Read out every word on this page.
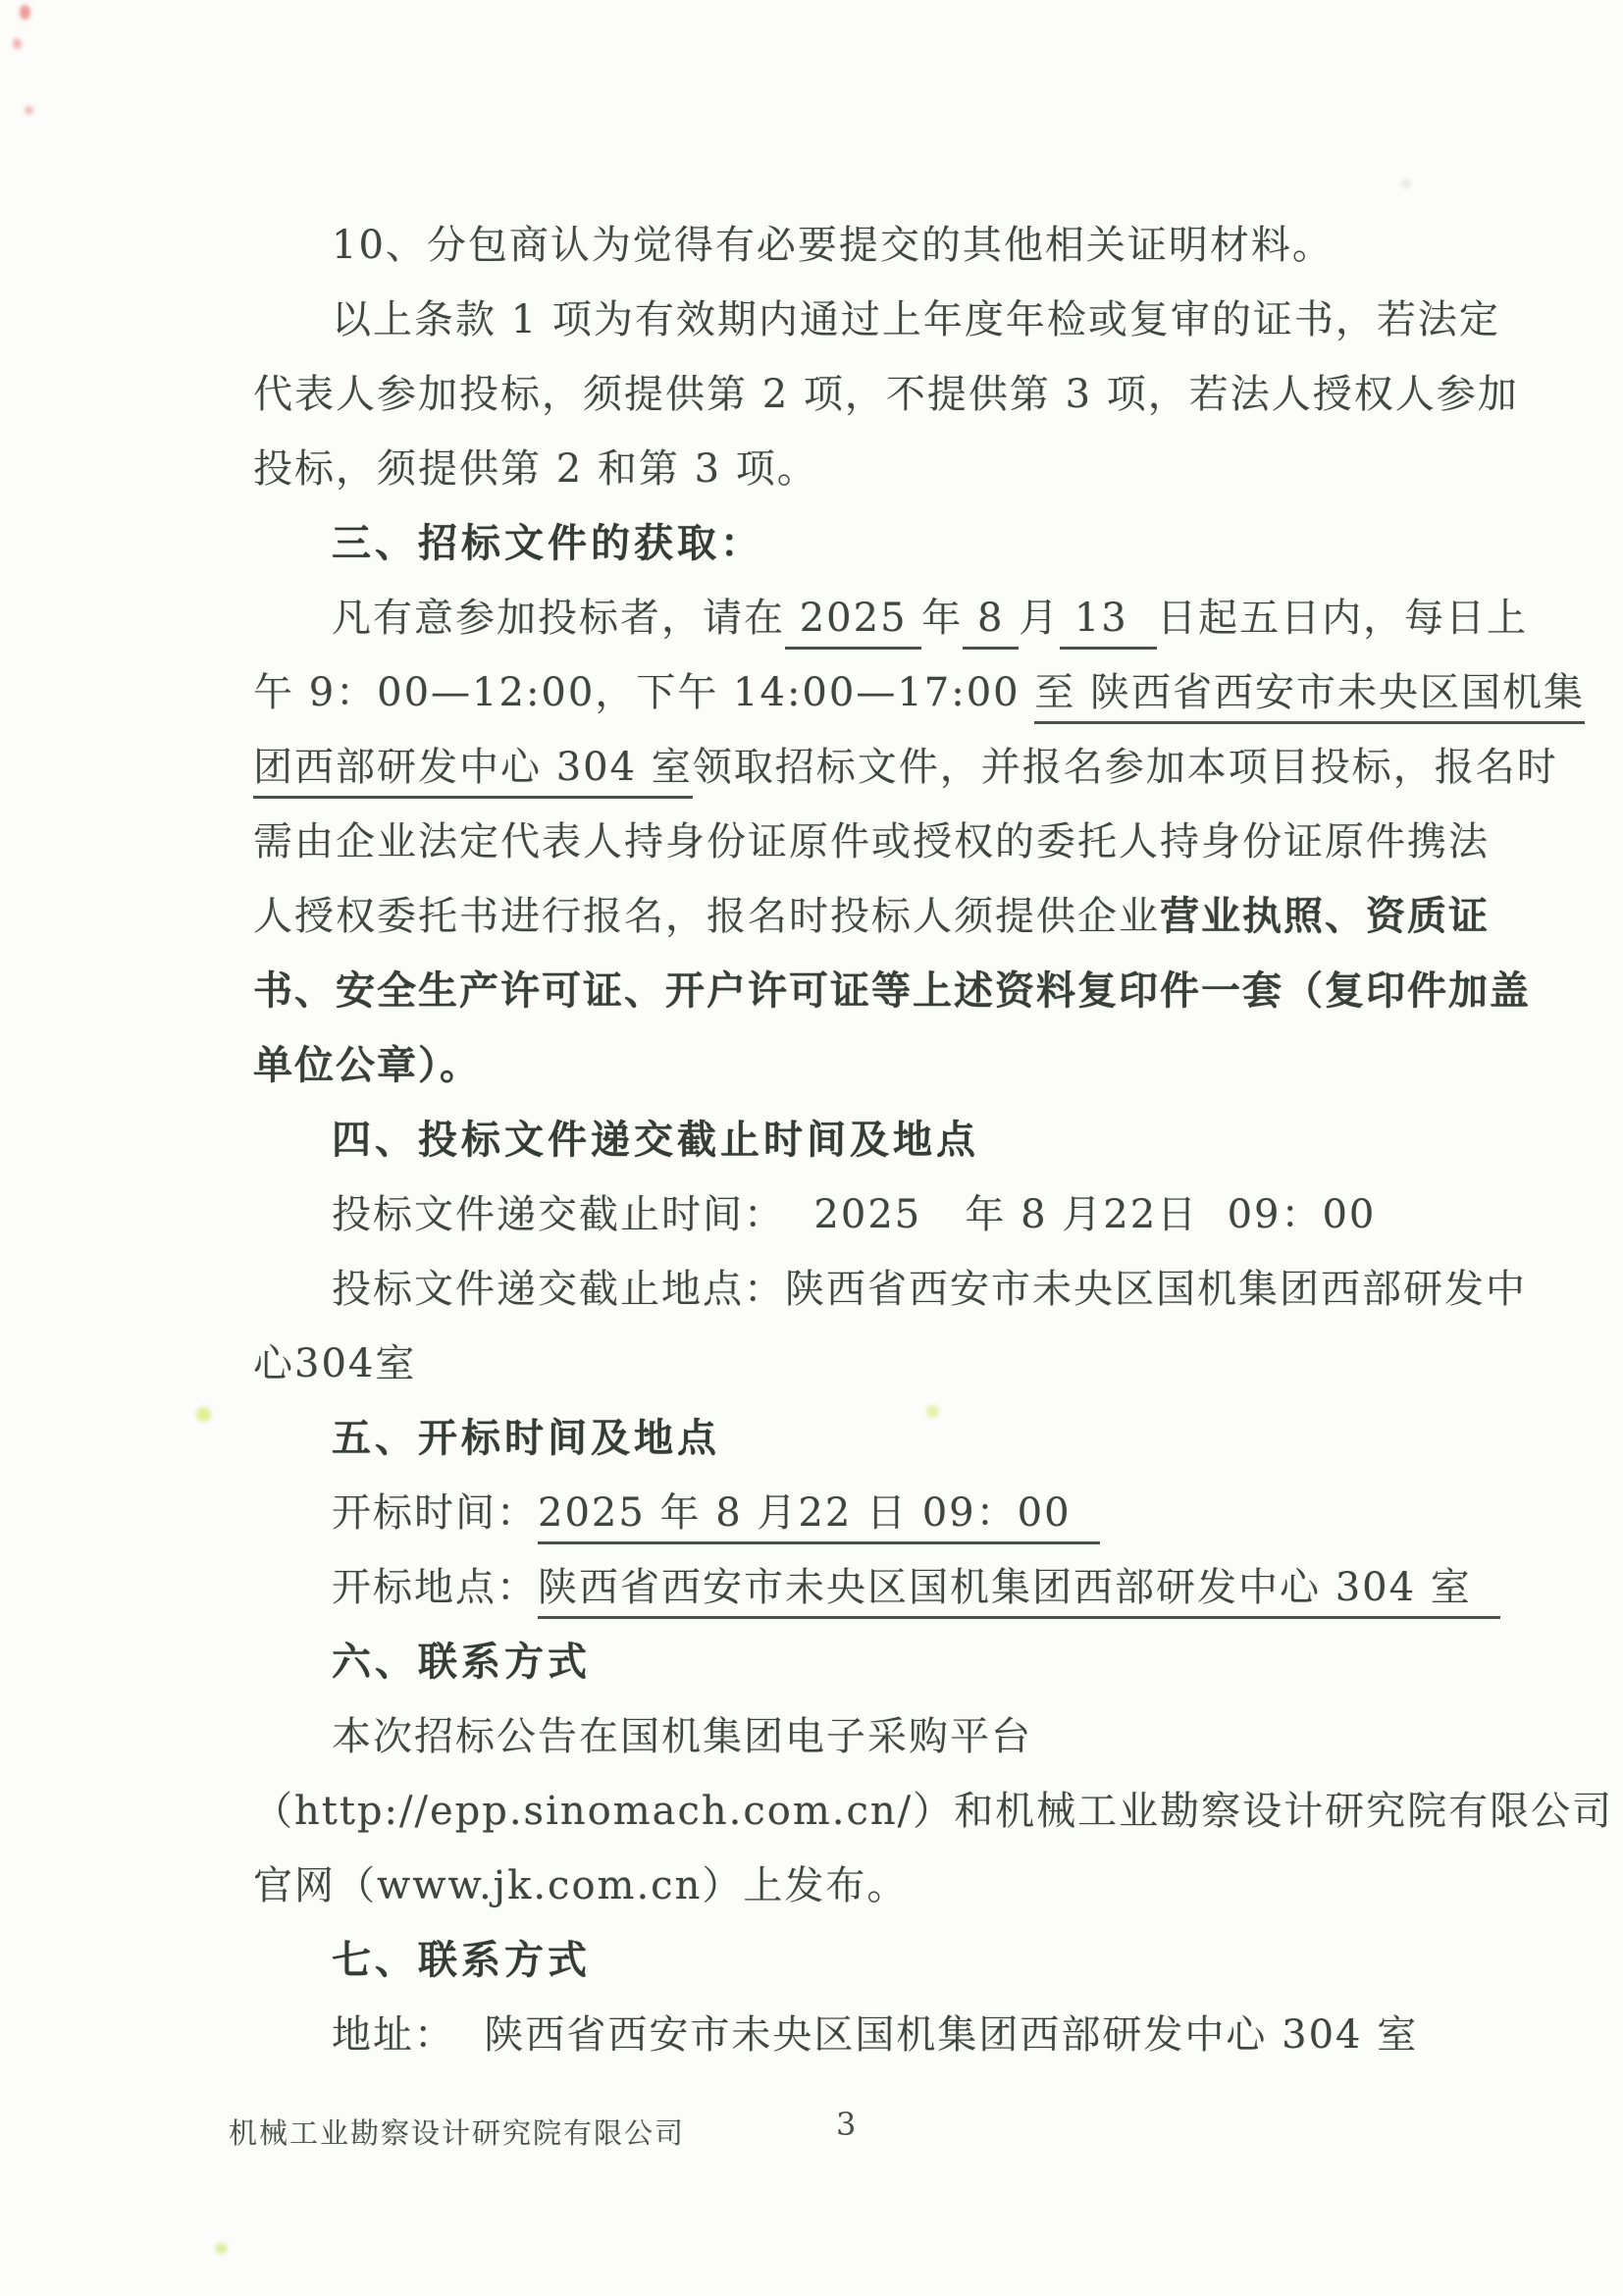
10、分包商认为觉得有必要提交的其他相关证明材料。
以上条款 1 项为有效期内通过上年度年检或复审的证书，若法定
代表人参加投标，须提供第 2 项，不提供第 3 项，若法人授权人参加
投标，须提供第 2 和第 3 项。
三、招标文件的获取：
凡有意参加投标者，请在 2025 年 8 月 13  日起五日内，每日上
午 9：00—12:00，下午 14:00—17:00 至 陕西省西安市未央区国机集
团西部研发中心 304 室领取招标文件，并报名参加本项目投标，报名时
需由企业法定代表人持身份证原件或授权的委托人持身份证原件携法
人授权委托书进行报名，报名时投标人须提供企业营业执照、资质证
书、安全生产许可证、开户许可证等上述资料复印件一套（复印件加盖
单位公章）。
四、投标文件递交截止时间及地点
投标文件递交截止时间：  2025   年 8 月22日  09：00
投标文件递交截止地点：陕西省西安市未央区国机集团西部研发中
心304室
五、开标时间及地点
开标时间：2025 年 8 月22 日 09：00
开标地点：陕西省西安市未央区国机集团西部研发中心 304 室
六、联系方式
本次招标公告在国机集团电子采购平台
（http://epp.sinomach.com.cn/）和机械工业勘察设计研究院有限公司
官网（www.jk.com.cn）上发布。
七、联系方式
地址：  陕西省西安市未央区国机集团西部研发中心 304 室
机械工业勘察设计研究院有限公司	3
